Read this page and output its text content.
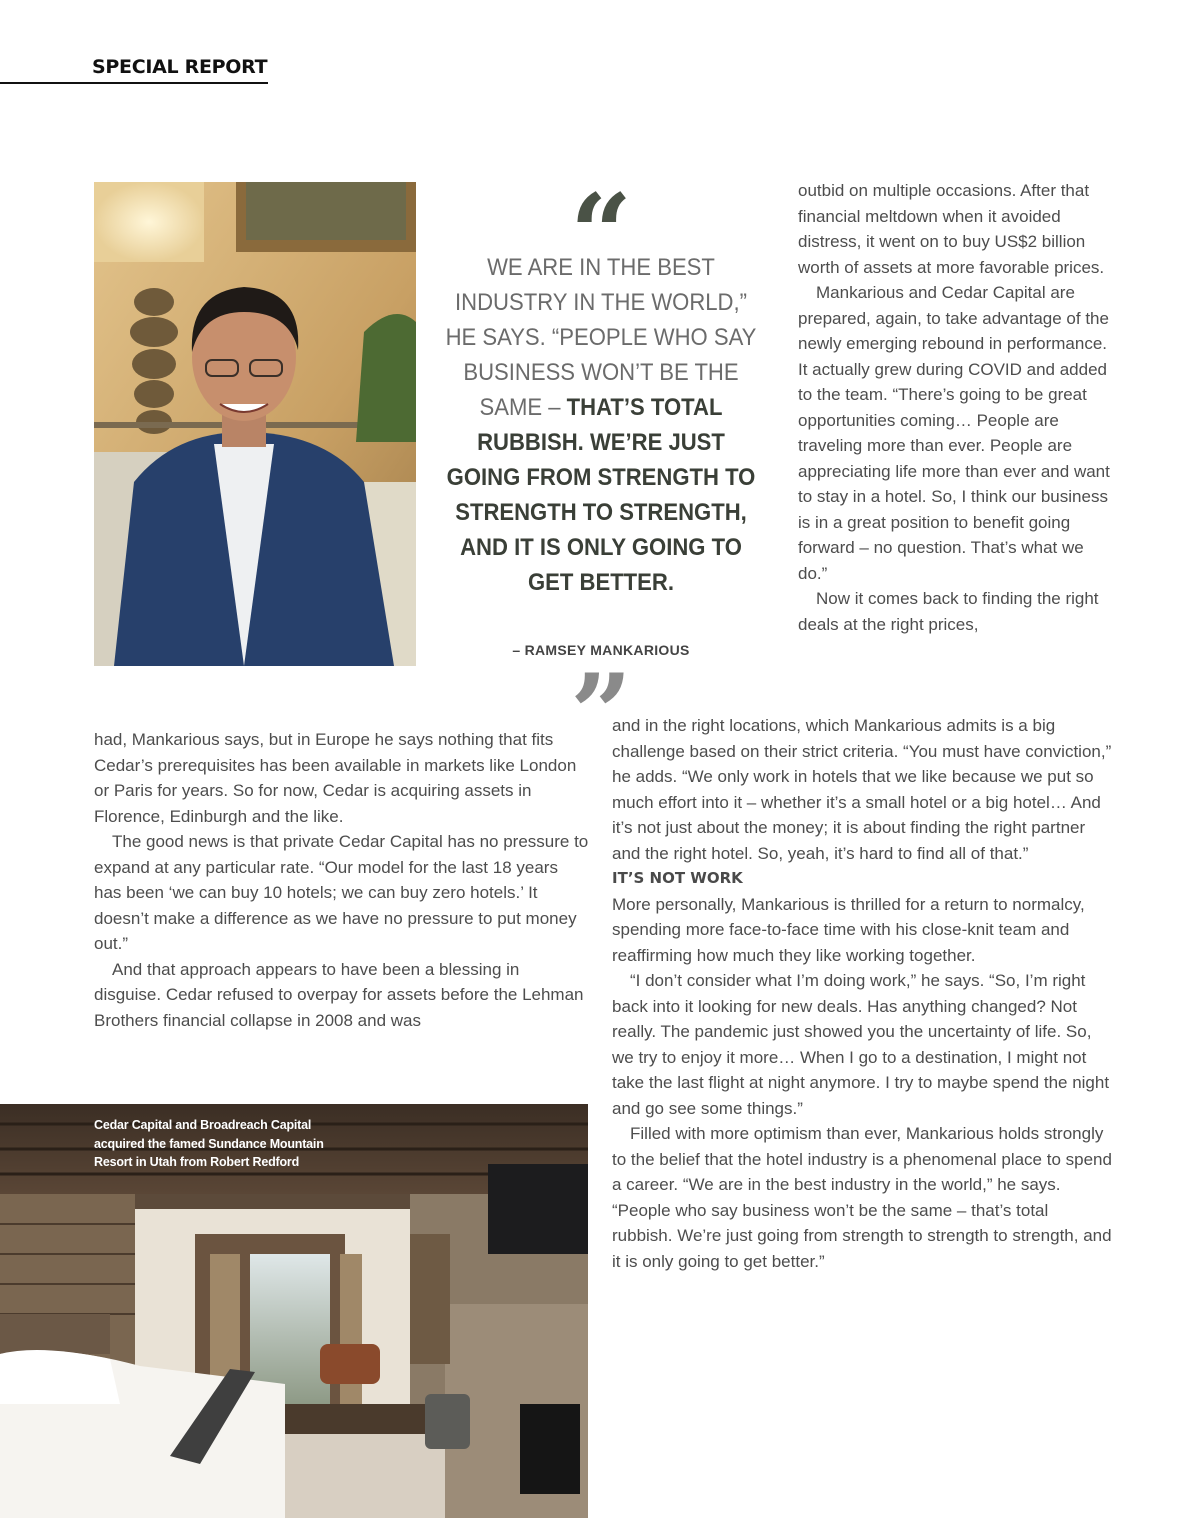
SPECIAL REPORT
“
WE ARE IN THE BEST INDUSTRY IN THE WORLD,” HE SAYS. “PEOPLE WHO SAY BUSINESS WON’T BE THE SAME – THAT’S TOTAL RUBBISH. WE’RE JUST GOING FROM STRENGTH TO STRENGTH TO STRENGTH, AND IT IS ONLY GOING TO GET BETTER.
– RAMSEY MANKARIOUS
”

outbid on multiple occasions. After that financial meltdown when it avoided distress, it went on to buy US$2 billion worth of assets at more favorable prices.

Mankarious and Cedar Capital are prepared, again, to take advantage of the newly emerging rebound in performance. It actually grew during COVID and added to the team. “There’s going to be great opportunities coming… People are traveling more than ever. People are appreciating life more than ever and want to stay in a hotel. So, I think our business is in a great position to benefit going forward – no question. That’s what we do.”

Now it comes back to finding the right deals at the right prices,

and in the right locations, which Mankarious admits is a big challenge based on their strict criteria. “You must have conviction,” he adds. “We only work in hotels that we like because we put so much effort into it – whether it’s a small hotel or a big hotel… And it’s not just about the money; it is about finding the right partner and the right hotel. So, yeah, it’s hard to find all of that.”

IT’S NOT WORK

More personally, Mankarious is thrilled for a return to normalcy, spending more face-to-face time with his close-knit team and reaffirming how much they like working together.

“I don’t consider what I’m doing work,” he says. “So, I’m right back into it looking for new deals. Has anything changed? Not really. The pandemic just showed you the uncertainty of life. So, we try to enjoy it more… When I go to a destination, I might not take the last flight at night anymore. I try to maybe spend the night and go see some things.”

Filled with more optimism than ever, Mankarious holds strongly to the belief that the hotel industry is a phenomenal place to spend a career. “We are in the best industry in the world,” he says. “People who say business won’t be the same – that’s total rubbish. We’re just going from strength to strength to strength, and it is only going to get better.”

had, Mankarious says, but in Europe he says nothing that fits Cedar’s prerequisites has been available in markets like London or Paris for years. So for now, Cedar is acquiring assets in Florence, Edinburgh and the like.

The good news is that private Cedar Capital has no pressure to expand at any particular rate. “Our model for the last 18 years has been ‘we can buy 10 hotels; we can buy zero hotels.’ It doesn’t make a difference as we have no pressure to put money out.”

And that approach appears to have been a blessing in disguise. Cedar refused to overpay for assets before the Lehman Brothers financial collapse in 2008 and was

Cedar Capital and Broadreach Capital acquired the famed Sundance Mountain Resort in Utah from Robert Redford
